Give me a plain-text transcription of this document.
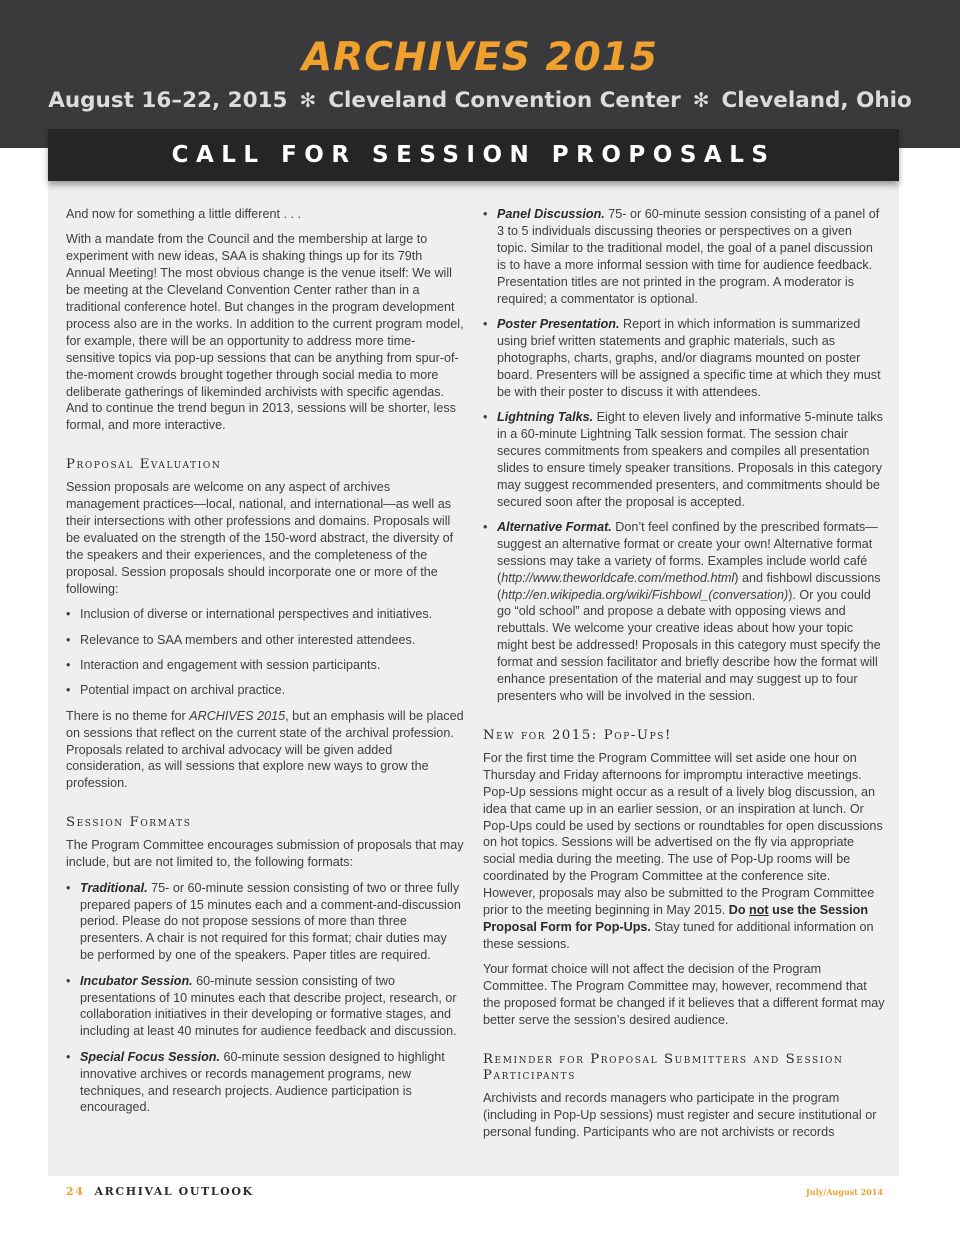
ARCHIVES 2015
August 16–22, 2015 ✻ Cleveland Convention Center ✻ Cleveland, Ohio
CALL FOR SESSION PROPOSALS

And now for something a little different . . .

With a mandate from the Council and the membership at large to experiment with new ideas, SAA is shaking things up for its 79th Annual Meeting! The most obvious change is the venue itself: We will be meeting at the Cleveland Convention Center rather than in a traditional conference hotel. But changes in the program development process also are in the works. In addition to the current program model, for example, there will be an opportunity to address more time-sensitive topics via pop-up sessions that can be anything from spur-of-the-moment crowds brought together through social media to more deliberate gatherings of likeminded archivists with specific agendas. And to continue the trend begun in 2013, sessions will be shorter, less formal, and more interactive.

Proposal Evaluation

Session proposals are welcome on any aspect of archives management practices—local, national, and international—as well as their intersections with other professions and domains. Proposals will be evaluated on the strength of the 150-word abstract, the diversity of the speakers and their experiences, and the completeness of the proposal. Session proposals should incorporate one or more of the following:

• Inclusion of diverse or international perspectives and initiatives.
• Relevance to SAA members and other interested attendees.
• Interaction and engagement with session participants.
• Potential impact on archival practice.

There is no theme for ARCHIVES 2015, but an emphasis will be placed on sessions that reflect on the current state of the archival profession. Proposals related to archival advocacy will be given added consideration, as will sessions that explore new ways to grow the profession.

Session Formats

The Program Committee encourages submission of proposals that may include, but are not limited to, the following formats:

• Traditional. 75- or 60-minute session consisting of two or three fully prepared papers of 15 minutes each and a comment-and-discussion period. Please do not propose sessions of more than three presenters. A chair is not required for this format; chair duties may be performed by one of the speakers. Paper titles are required.
• Incubator Session. 60-minute session consisting of two presentations of 10 minutes each that describe project, research, or collaboration initiatives in their developing or formative stages, and including at least 40 minutes for audience feedback and discussion.
• Special Focus Session. 60-minute session designed to highlight innovative archives or records management programs, new techniques, and research projects. Audience participation is encouraged.
• Panel Discussion. 75- or 60-minute session consisting of a panel of 3 to 5 individuals discussing theories or perspectives on a given topic. Similar to the traditional model, the goal of a panel discussion is to have a more informal session with time for audience feedback. Presentation titles are not printed in the program. A moderator is required; a commentator is optional.
• Poster Presentation. Report in which information is summarized using brief written statements and graphic materials, such as photographs, charts, graphs, and/or diagrams mounted on poster board. Presenters will be assigned a specific time at which they must be with their poster to discuss it with attendees.
• Lightning Talks. Eight to eleven lively and informative 5-minute talks in a 60-minute Lightning Talk session format. The session chair secures commitments from speakers and compiles all presentation slides to ensure timely speaker transitions. Proposals in this category may suggest recommended presenters, and commitments should be secured soon after the proposal is accepted.
• Alternative Format. Don’t feel confined by the prescribed formats—suggest an alternative format or create your own! Alternative format sessions may take a variety of forms. Examples include world café (http://www.theworldcafe.com/method.html) and fishbowl discussions (http://en.wikipedia.org/wiki/Fishbowl_(conversation)). Or you could go “old school” and propose a debate with opposing views and rebuttals. We welcome your creative ideas about how your topic might best be addressed! Proposals in this category must specify the format and session facilitator and briefly describe how the format will enhance presentation of the material and may suggest up to four presenters who will be involved in the session.
New for 2015: Pop-Ups!

For the first time the Program Committee will set aside one hour on Thursday and Friday afternoons for impromptu interactive meetings. Pop-Up sessions might occur as a result of a lively blog discussion, an idea that came up in an earlier session, or an inspiration at lunch. Or Pop-Ups could be used by sections or roundtables for open discussions on hot topics. Sessions will be advertised on the fly via appropriate social media during the meeting. The use of Pop-Up rooms will be coordinated by the Program Committee at the conference site. However, proposals may also be submitted to the Program Committee prior to the meeting beginning in May 2015. Do not use the Session Proposal Form for Pop-Ups. Stay tuned for additional information on these sessions.

Your format choice will not affect the decision of the Program Committee. The Program Committee may, however, recommend that the proposed format be changed if it believes that a different format may better serve the session’s desired audience.

Reminder for Proposal Submitters and Session Participants

Archivists and records managers who participate in the program (including in Pop-Up sessions) must register and secure institutional or personal funding. Participants who are not archivists or records

24 ARCHIVAL OUTLOOK	July/August 2014
